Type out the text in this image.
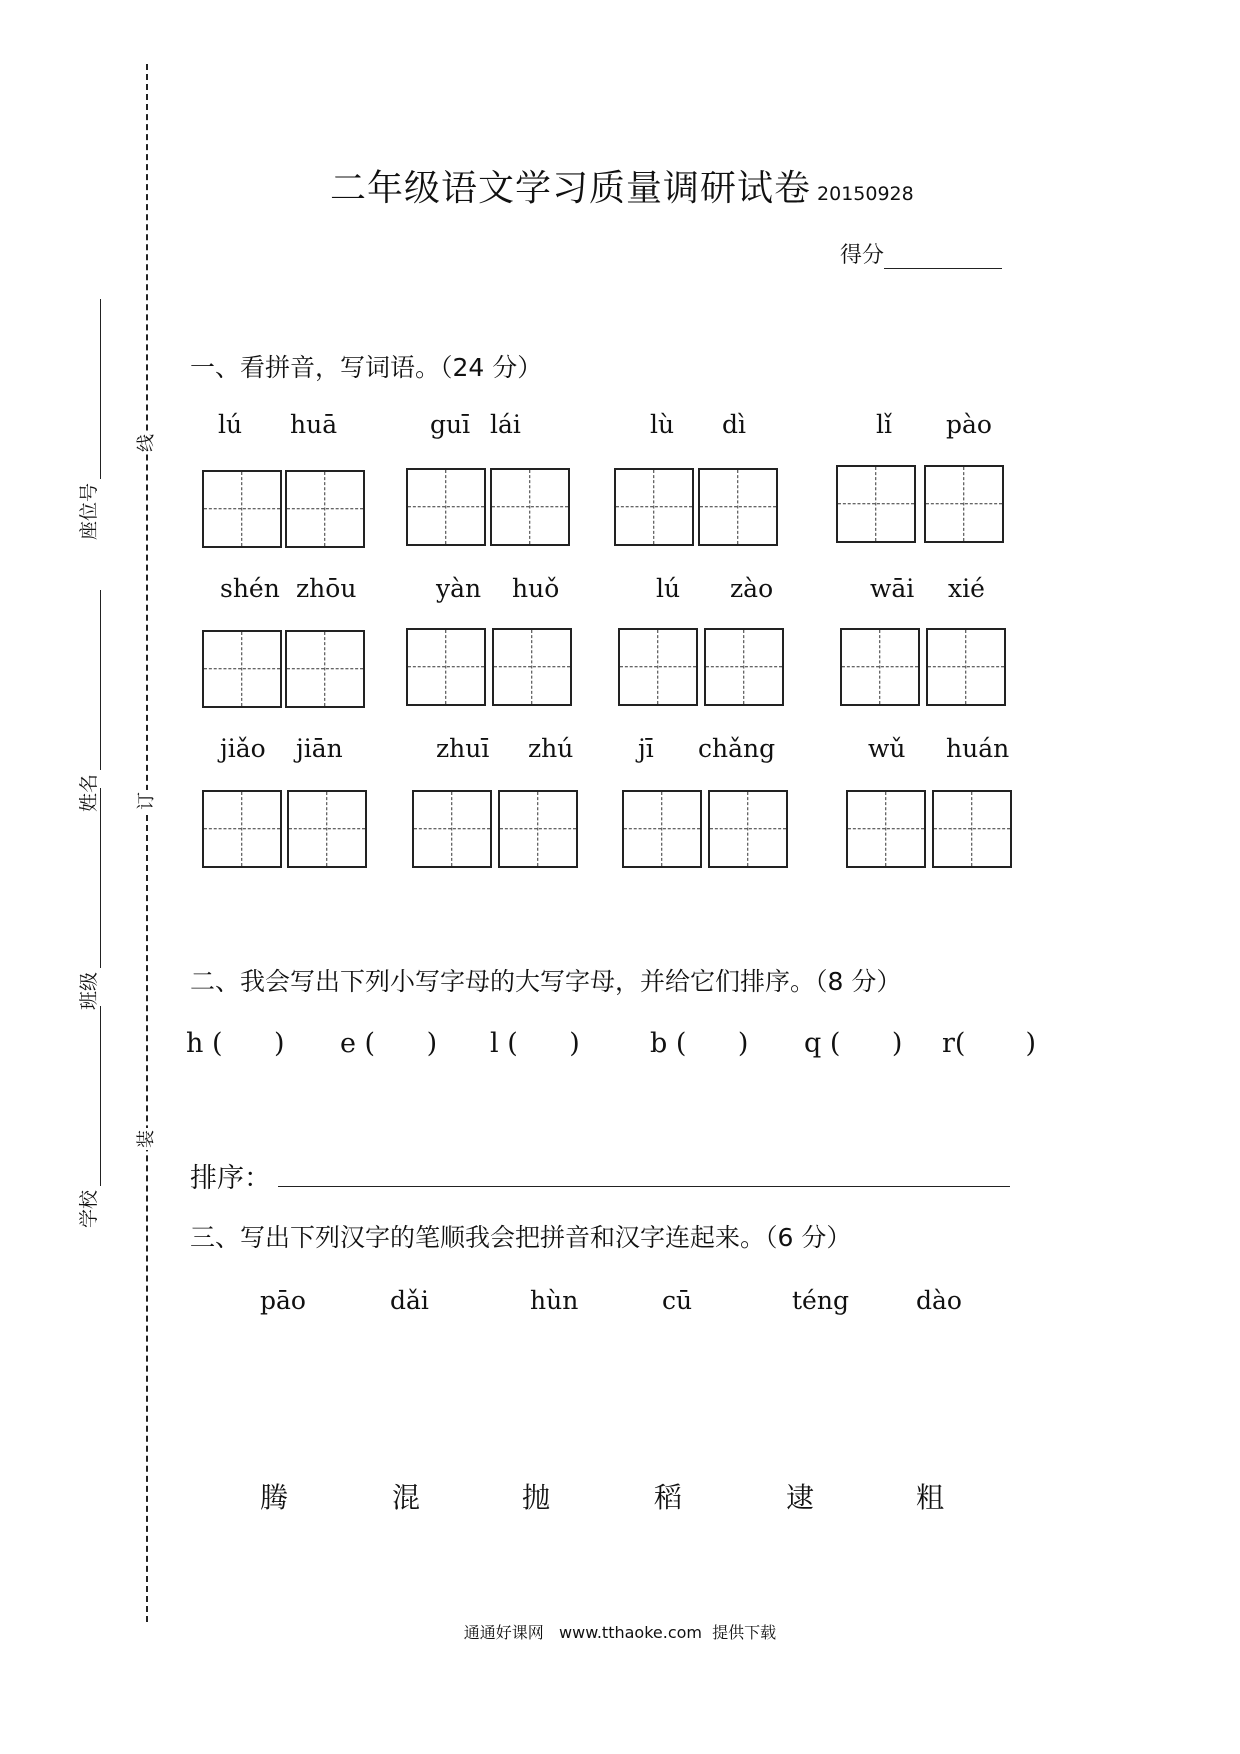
线
订
装
座位号
姓名
班级
学校
二年级语文学习质量调研试卷 20150928
得分
一、看拼音，写词语。（24 分）
lú huā	guī lái	lù dì	lǐ pào
shén zhōu	yàn huǒ	lú zào	wāi xié
jiǎo jiān	zhuī zhú	jī chǎng	wǔ huán
二、我会写出下列小写字母的大写字母，并给它们排序。（8 分）
h (      ) e (      ) l (      )	b (      ) q (      ) r(       )
排序：
三、写出下列汉字的笔顺我会把拼音和汉字连起来。（6 分）
pāo	dǎi	hùn	cū	téng	dào
腾	混	抛	稻	逮	粗
通通好课网   www.tthaoke.com  提供下载
